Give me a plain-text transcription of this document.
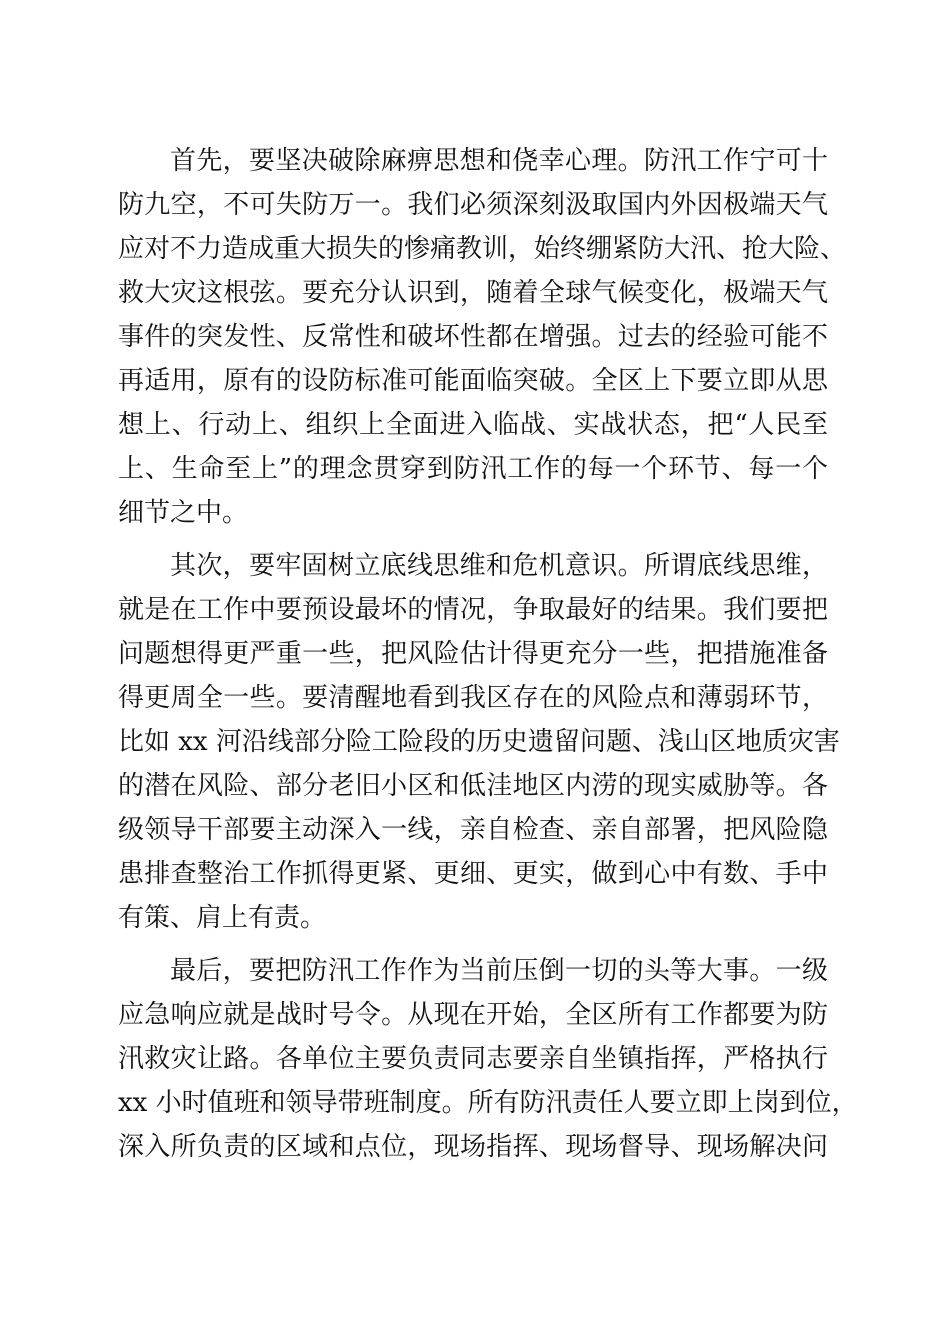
首先，要坚决破除麻痹思想和侥幸心理。防汛工作宁可十
防九空，不可失防万一。我们必须深刻汲取国内外因极端天气
应对不力造成重大损失的惨痛教训，始终绷紧防大汛、抢大险、
救大灾这根弦。要充分认识到，随着全球气候变化，极端天气
事件的突发性、反常性和破坏性都在增强。过去的经验可能不
再适用，原有的设防标准可能面临突破。全区上下要立即从思
想上、行动上、组织上全面进入临战、实战状态，把“人民至
上、生命至上”的理念贯穿到防汛工作的每一个环节、每一个
细节之中。
其次，要牢固树立底线思维和危机意识。所谓底线思维，
就是在工作中要预设最坏的情况，争取最好的结果。我们要把
问题想得更严重一些，把风险估计得更充分一些，把措施准备
得更周全一些。要清醒地看到我区存在的风险点和薄弱环节，
比如 xx 河沿线部分险工险段的历史遗留问题、浅山区地质灾害
的潜在风险、部分老旧小区和低洼地区内涝的现实威胁等。各
级领导干部要主动深入一线，亲自检查、亲自部署，把风险隐
患排查整治工作抓得更紧、更细、更实，做到心中有数、手中
有策、肩上有责。
最后，要把防汛工作作为当前压倒一切的头等大事。一级
应急响应就是战时号令。从现在开始，全区所有工作都要为防
汛救灾让路。各单位主要负责同志要亲自坐镇指挥，严格执行
xx 小时值班和领导带班制度。所有防汛责任人要立即上岗到位，
深入所负责的区域和点位，现场指挥、现场督导、现场解决问
